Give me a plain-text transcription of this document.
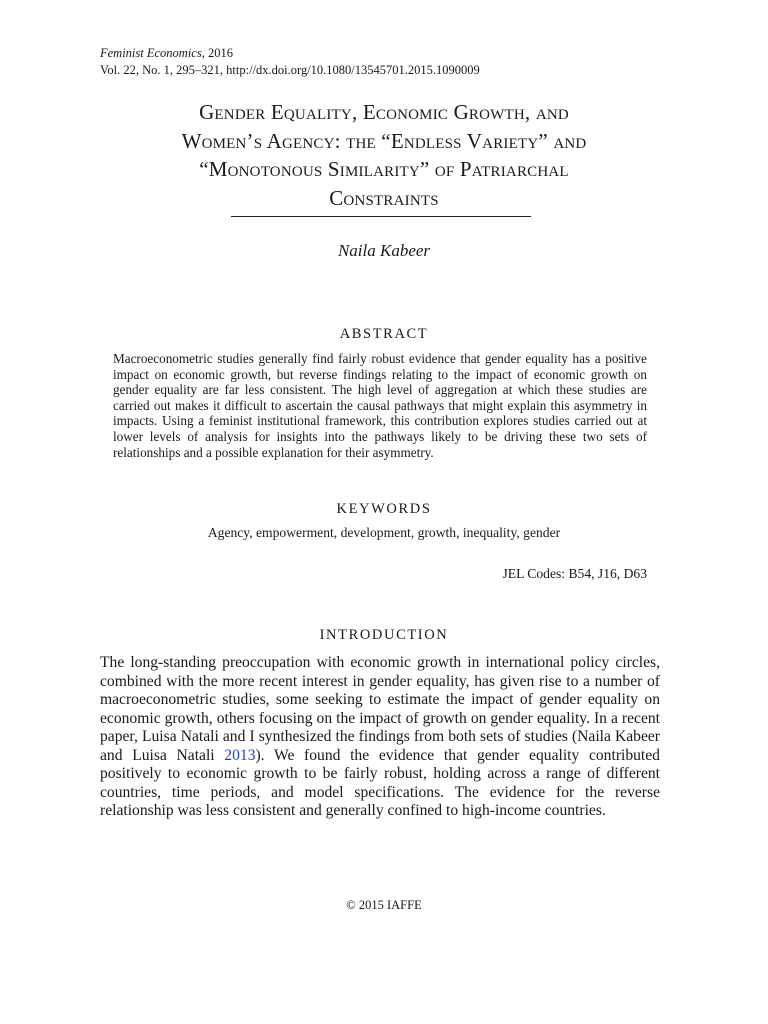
Feminist Economics, 2016
Vol. 22, No. 1, 295–321, http://dx.doi.org/10.1080/13545701.2015.1090009
Gender Equality, Economic Growth, and
Women’s Agency: the “Endless Variety” and
“Monotonous Similarity” of Patriarchal
Constraints
Naila Kabeer
ABSTRACT
Macroeconometric studies generally find fairly robust evidence that gender equality has a positive impact on economic growth, but reverse findings relating to the impact of economic growth on gender equality are far less consistent. The high level of aggregation at which these studies are carried out makes it difficult to ascertain the causal pathways that might explain this asymmetry in impacts. Using a feminist institutional framework, this contribution explores studies carried out at lower levels of analysis for insights into the pathways likely to be driving these two sets of relationships and a possible explanation for their asymmetry.
KEYWORDS
Agency, empowerment, development, growth, inequality, gender
JEL Codes: B54, J16, D63
INTRODUCTION
The long-standing preoccupation with economic growth in international policy circles, combined with the more recent interest in gender equality, has given rise to a number of macroeconometric studies, some seeking to estimate the impact of gender equality on economic growth, others focusing on the impact of growth on gender equality. In a recent paper, Luisa Natali and I synthesized the findings from both sets of studies (Naila Kabeer and Luisa Natali 2013). We found the evidence that gender equality contributed positively to economic growth to be fairly robust, holding across a range of different countries, time periods, and model specifications. The evidence for the reverse relationship was less consistent and generally confined to high-income countries.
© 2015 IAFFE
